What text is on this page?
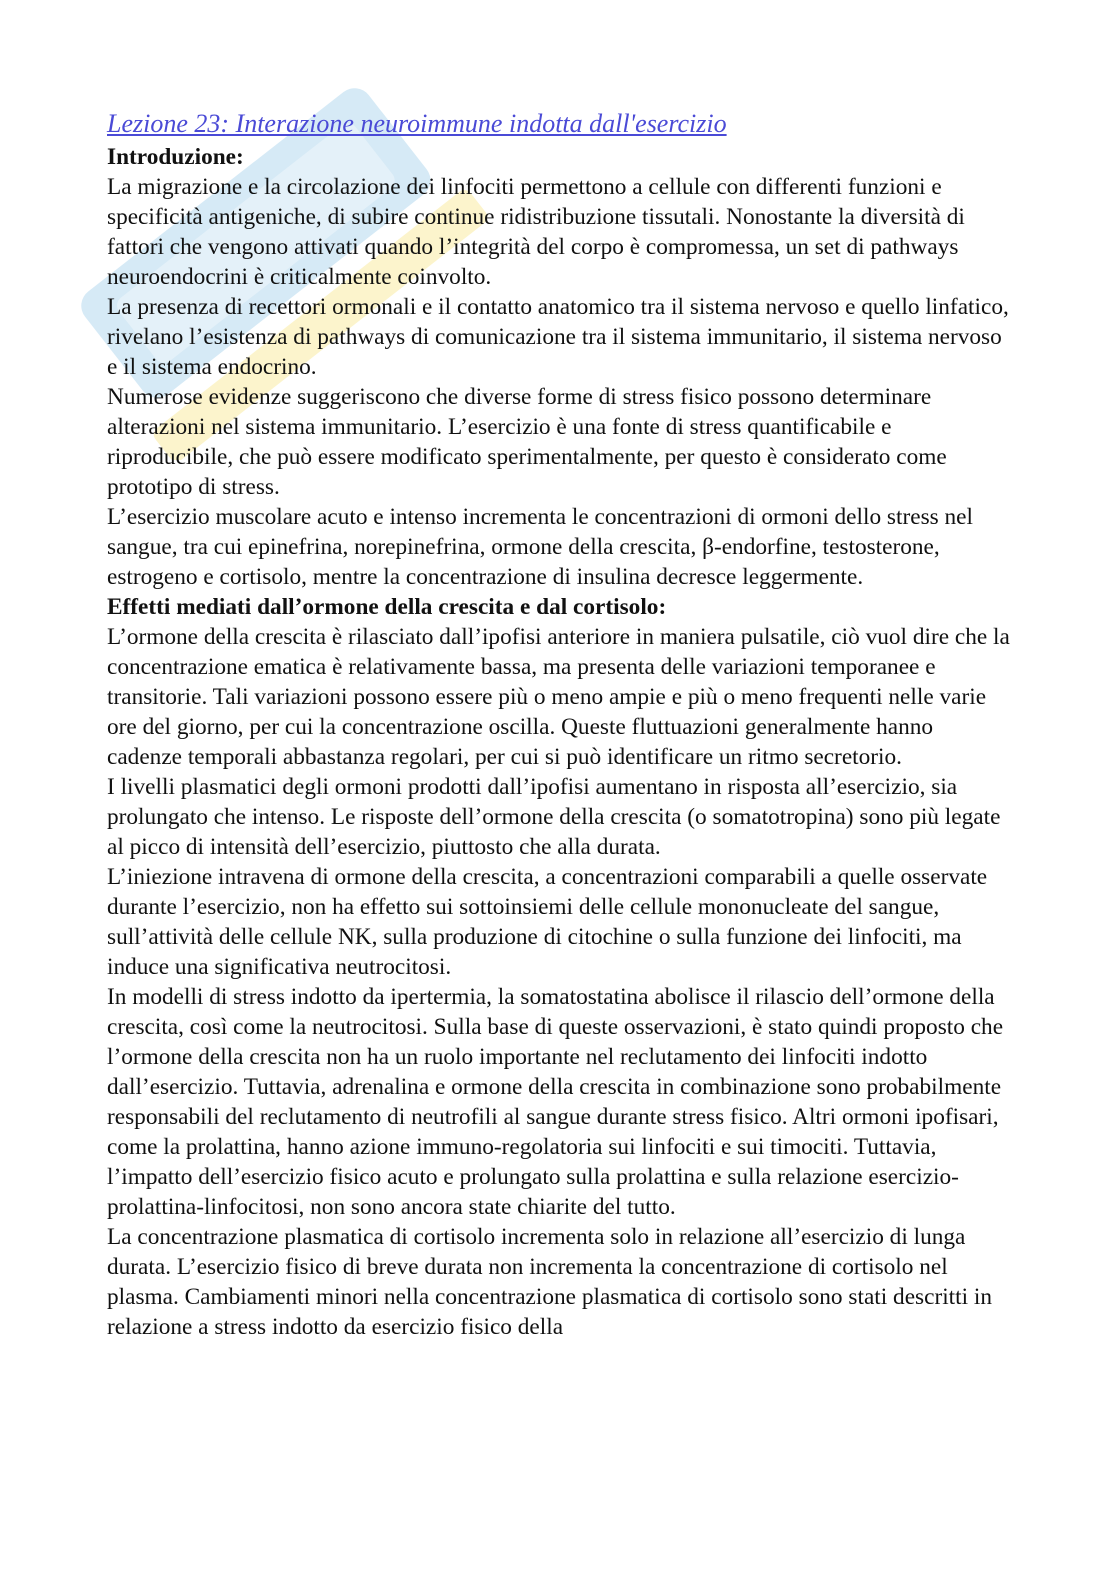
Lezione 23: Interazione neuroimmune indotta dall'esercizio
Introduzione:

La migrazione e la circolazione dei linfociti permettono a cellule con differenti funzioni e specificità antigeniche, di subire continue ridistribuzione tissutali. Nonostante la diversità di fattori che vengono attivati quando l’integrità del corpo è compromessa, un set di pathways neuroendocrini è criticalmente coinvolto.

La presenza di recettori ormonali e il contatto anatomico tra il sistema nervoso e quello linfatico, rivelano l’esistenza di pathways di comunicazione tra il sistema immunitario, il sistema nervoso e il sistema endocrino.

Numerose evidenze suggeriscono che diverse forme di stress fisico possono determinare alterazioni nel sistema immunitario. L’esercizio è una fonte di stress quantificabile e riproducibile, che può essere modificato sperimentalmente, per questo è considerato come prototipo di stress.

L’esercizio muscolare acuto e intenso incrementa le concentrazioni di ormoni dello stress nel sangue, tra cui epinefrina, norepinefrina, ormone della crescita, β-endorfine, testosterone, estrogeno e cortisolo, mentre la concentrazione di insulina decresce leggermente.

Effetti mediati dall’ormone della crescita e dal cortisolo:

L’ormone della crescita è rilasciato dall’ipofisi anteriore in maniera pulsatile, ciò vuol dire che la concentrazione ematica è relativamente bassa, ma presenta delle variazioni temporanee e transitorie. Tali variazioni possono essere più o meno ampie e più o meno frequenti nelle varie ore del giorno, per cui la concentrazione oscilla. Queste fluttuazioni generalmente hanno cadenze temporali abbastanza regolari, per cui si può identificare un ritmo secretorio.

I livelli plasmatici degli ormoni prodotti dall’ipofisi aumentano in risposta all’esercizio, sia prolungato che intenso. Le risposte dell’ormone della crescita (o somatotropina) sono più legate al picco di intensità dell’esercizio, piuttosto che alla durata.

L’iniezione intravena di ormone della crescita, a concentrazioni comparabili a quelle osservate durante l’esercizio, non ha effetto sui sottoinsiemi delle cellule mononucleate del sangue, sull’attività delle cellule NK, sulla produzione di citochine o sulla funzione dei linfociti, ma induce una significativa neutrocitosi.

In modelli di stress indotto da ipertermia, la somatostatina abolisce il rilascio dell’ormone della crescita, così come la neutrocitosi. Sulla base di queste osservazioni, è stato quindi proposto che l’ormone della crescita non ha un ruolo importante nel reclutamento dei linfociti indotto dall’esercizio. Tuttavia, adrenalina e ormone della crescita in combinazione sono probabilmente responsabili del reclutamento di neutrofili al sangue durante stress fisico. Altri ormoni ipofisari, come la prolattina, hanno azione immuno-regolatoria sui linfociti e sui timociti. Tuttavia, l’impatto dell’esercizio fisico acuto e prolungato sulla prolattina e sulla relazione esercizio-prolattina-linfocitosi, non sono ancora state chiarite del tutto.

La concentrazione plasmatica di cortisolo incrementa solo in relazione all’esercizio di lunga durata. L’esercizio fisico di breve durata non incrementa la concentrazione di cortisolo nel plasma. Cambiamenti minori nella concentrazione plasmatica di cortisolo sono stati descritti in relazione a stress indotto da esercizio fisico della
